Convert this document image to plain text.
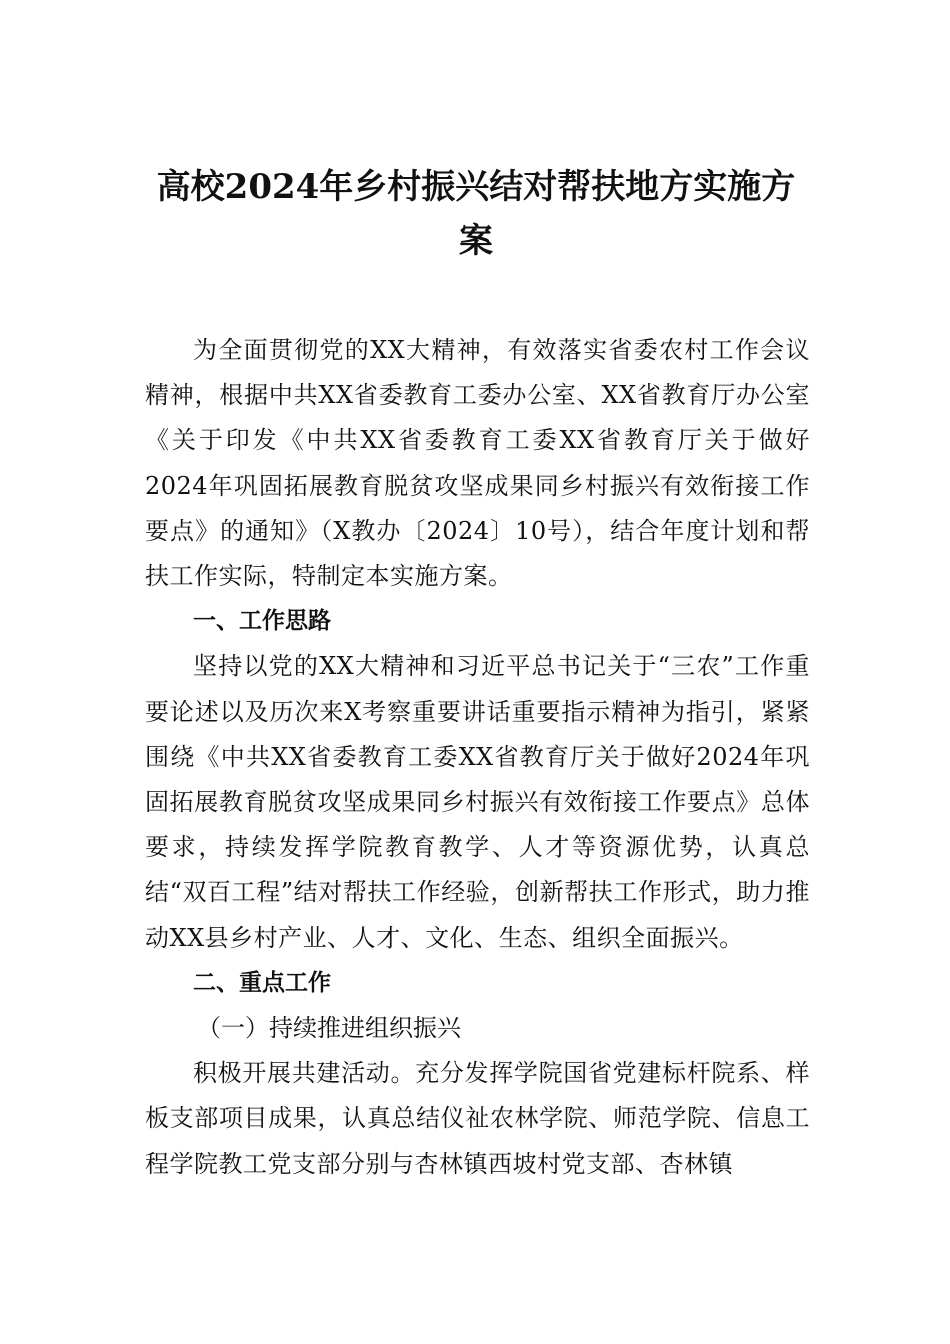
高校2024年乡村振兴结对帮扶地方实施方
案

为全面贯彻党的XX大精神，有效落实省委农村工作会议精神，根据中共XX省委教育工委办公室、XX省教育厅办公室《关于印发《中共XX省委教育工委XX省教育厅关于做好2024年巩固拓展教育脱贫攻坚成果同乡村振兴有效衔接工作要点》的通知》（X教办〔2024〕10号），结合年度计划和帮扶工作实际，特制定本实施方案。

一、工作思路

坚持以党的XX大精神和习近平总书记关于“三农”工作重要论述以及历次来X考察重要讲话重要指示精神为指引，紧紧围绕《中共XX省委教育工委XX省教育厅关于做好2024年巩固拓展教育脱贫攻坚成果同乡村振兴有效衔接工作要点》总体要求，持续发挥学院教育教学、人才等资源优势，认真总结“双百工程”结对帮扶工作经验，创新帮扶工作形式，助力推动XX县乡村产业、人才、文化、生态、组织全面振兴。

二、重点工作

（一）持续推进组织振兴

积极开展共建活动。充分发挥学院国省党建标杆院系、样板支部项目成果，认真总结仪祉农林学院、师范学院、信息工程学院教工党支部分别与杏林镇西坡村党支部、杏林镇
